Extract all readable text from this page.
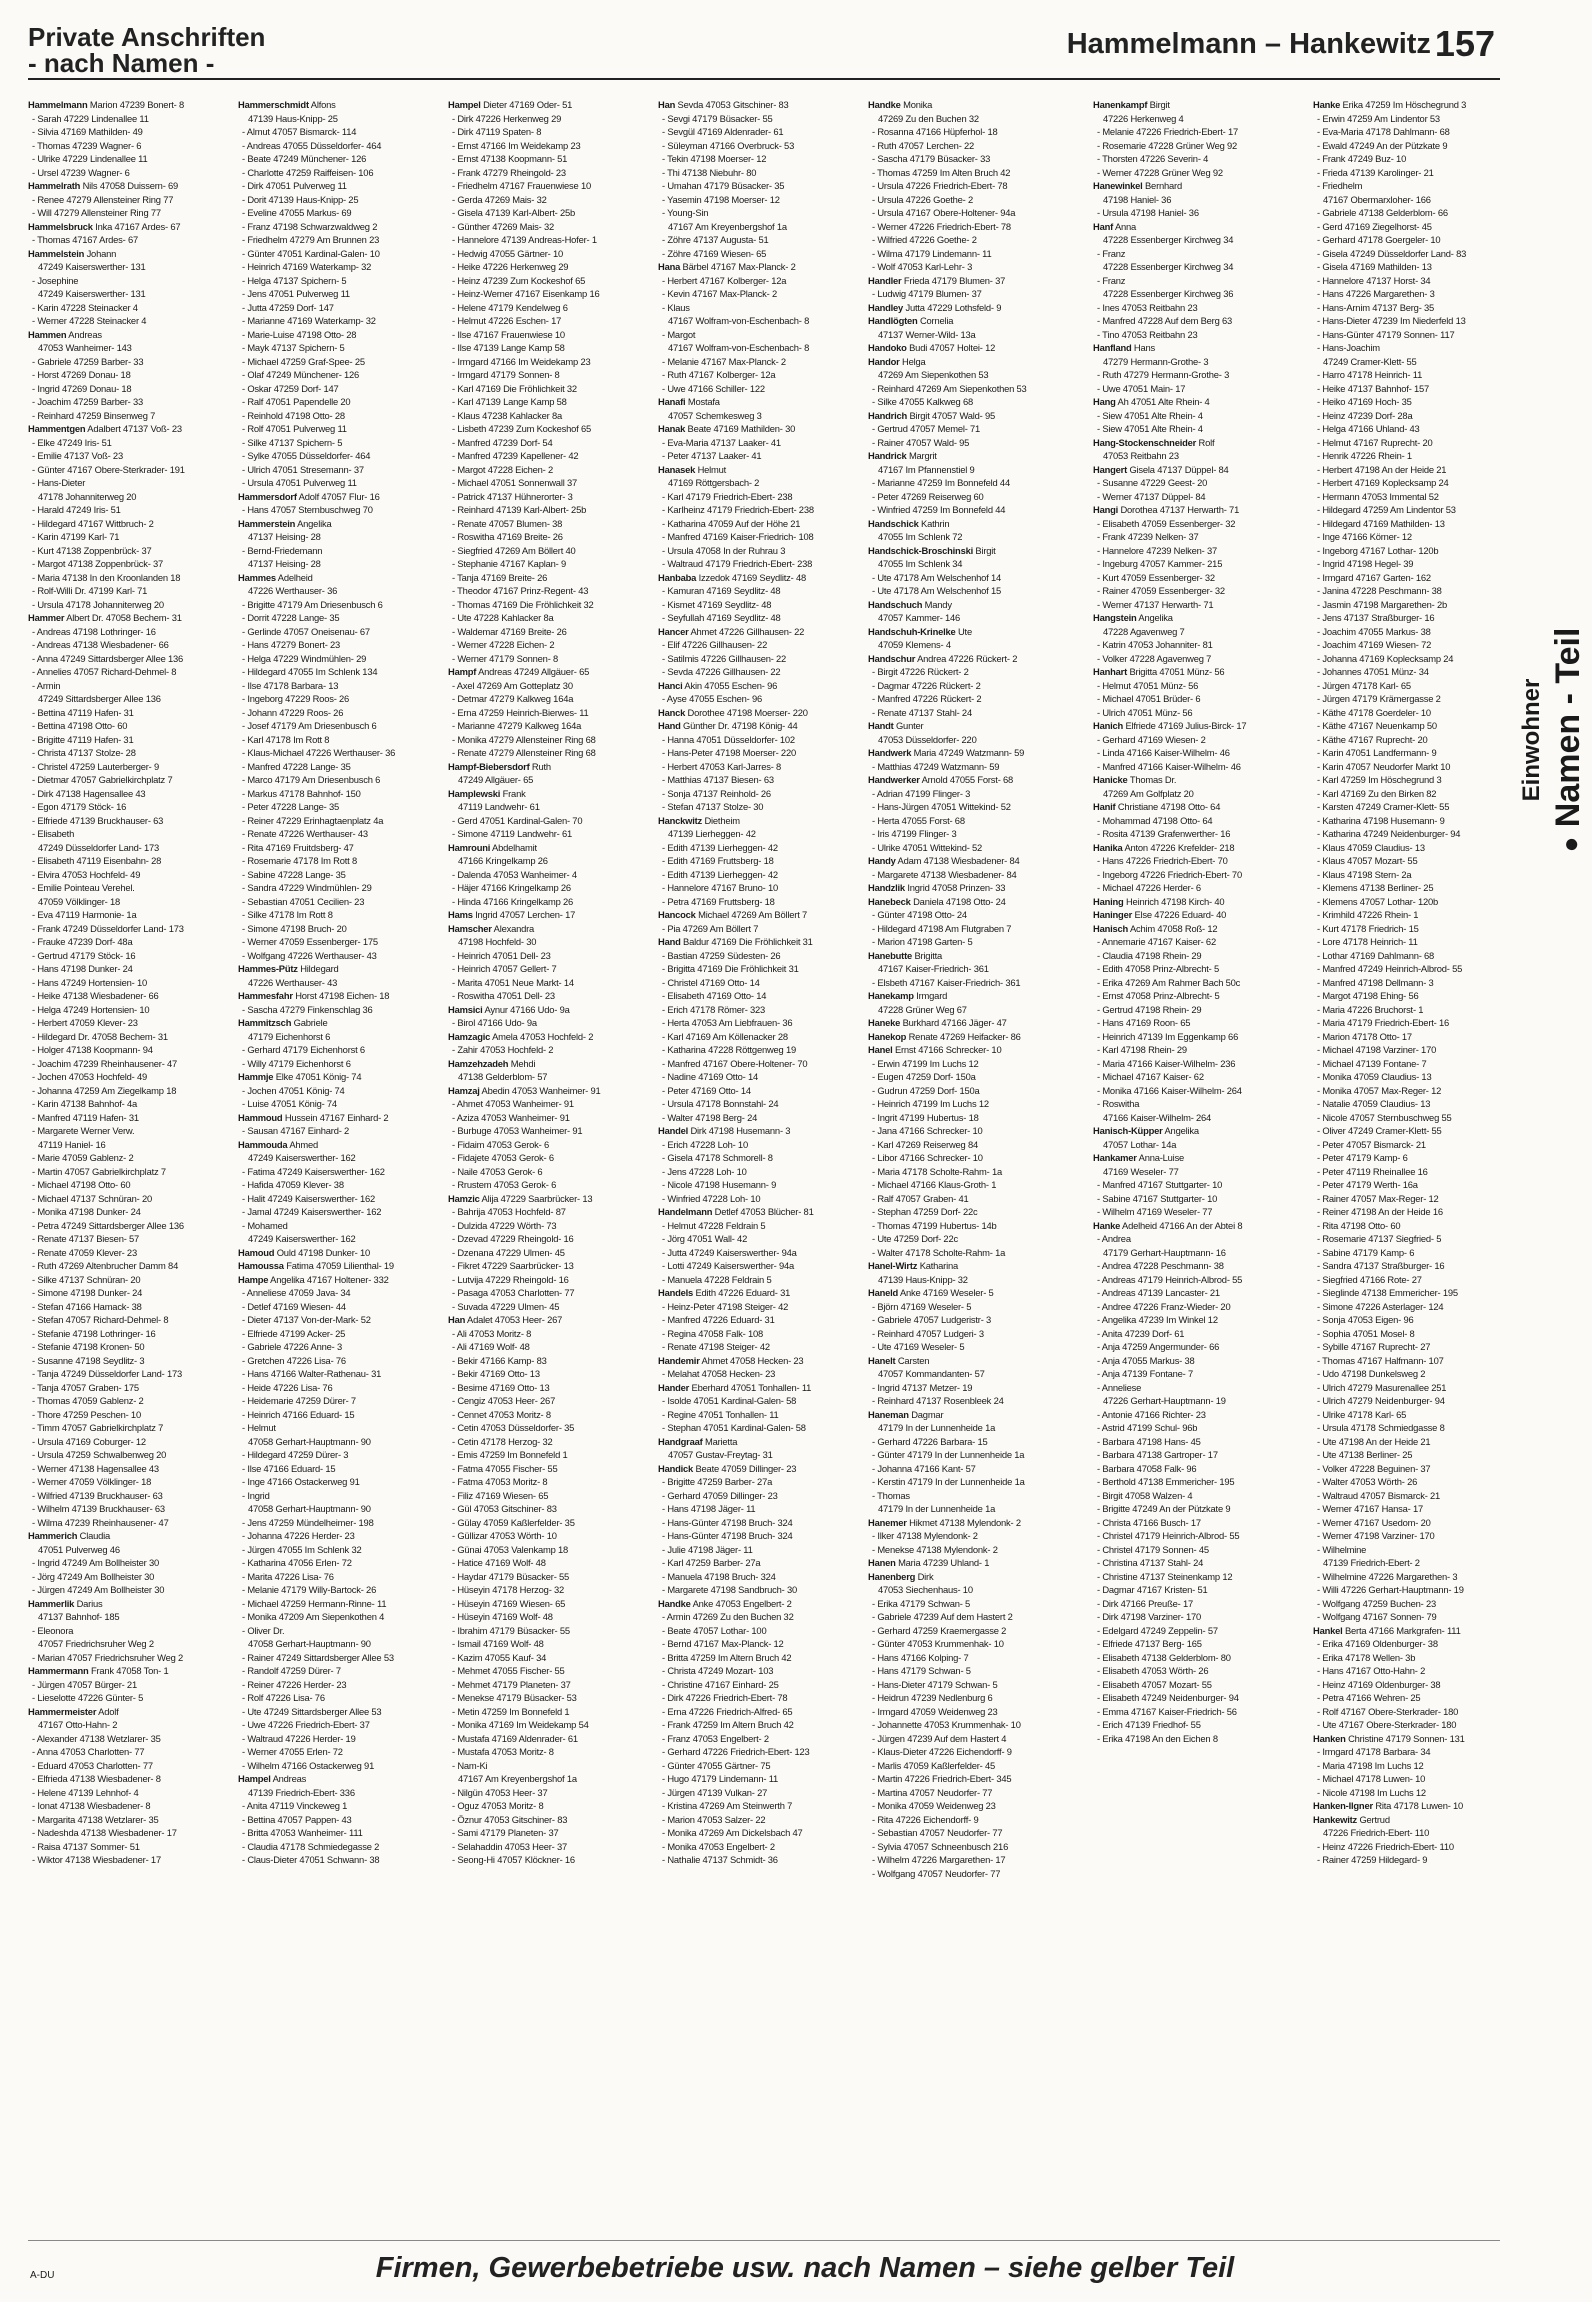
Private Anschriften
- nach Namen -
Hammelmann – Hankewitz 157
Hammelmann Marion 47239 Bonert- 8
- Sarah 47229 Lindenallee 11
- Silvia 47169 Mathilden- 49
- Thomas 47239 Wagner- 6
- Ulrike 47229 Lindenallee 11
- Ursel 47239 Wagner- 6
Hammelrath Nils 47058 Duissern- 69
- Renee 47279 Allensteiner Ring 77
- Will 47279 Allensteiner Ring 77
Hammelsbruck Inka 47167 Ardes- 67
- Thomas 47167 Ardes- 67
Hammelstein Johann
47249 Kaiserswerther- 131
- Josephine
47249 Kaiserswerther- 131
- Karin 47228 Steinacker 4
- Werner 47228 Steinacker 4
Hammen Andreas
47053 Wanheimer- 143
- Gabriele 47259 Barber- 33
- Horst 47269 Donau- 18
- Ingrid 47269 Donau- 18
- Joachim 47259 Barber- 33
- Reinhard 47259 Binsenweg 7
Hammentgen Adalbert 47137 Voß- 23
- Elke 47249 Iris- 51
- Emilie 47137 Voß- 23
- Günter 47167 Obere-Sterkrader- 191
- Hans-Dieter
47178 Johanniterweg 20
- Harald 47249 Iris- 51
- Hildegard 47167 Wittbruch- 2
- Karin 47199 Karl- 71
- Kurt 47138 Zoppenbrück- 37
- Margot 47138 Zoppenbrück- 37
- Maria 47138 In den Kroonlanden 18
- Rolf-Willi Dr. 47199 Karl- 71
- Ursula 47178 Johanniterweg 20
Hammer Albert Dr. 47058 Bechem- 31
- Andreas 47198 Lothringer- 16
- Andreas 47138 Wiesbadener- 66
- Anna 47249 Sittardsberger Allee 136
- Annelies 47057 Richard-Dehmel- 8
- Armin
47249 Sittardsberger Allee 136
- Bettina 47119 Hafen- 31
- Bettina 47198 Otto- 60
- Brigitte 47119 Hafen- 31
- Christa 47137 Stolze- 28
- Christel 47259 Lauterberger- 9
- Dietmar 47057 Gabrielkirchplatz 7
- Dirk 47138 Hagensallee 43
- Egon 47179 Stöck- 16
- Elfriede 47139 Bruckhauser- 63
- Elisabeth
47249 Düsseldorfer Land- 173
- Elisabeth 47119 Eisenbahn- 28
- Elvira 47053 Hochfeld- 49
- Emilie Pointeau Verehel.
47059 Völklinger- 18
- Eva 47119 Harmonie- 1a
- Frank 47249 Düsseldorfer Land- 173
- Frauke 47239 Dorf- 48a
- Gertrud 47179 Stöck- 16
- Hans 47198 Dunker- 24
- Hans 47249 Hortensien- 10
- Heike 47138 Wiesbadener- 66
- Helga 47249 Hortensien- 10
- Herbert 47059 Klever- 23
- Hildegard Dr. 47058 Bechem- 31
- Holger 47138 Koopmann- 94
- Joachim 47239 Rheinhausener- 47
- Jochen 47053 Hochfeld- 49
- Johanna 47259 Am Ziegelkamp 18
- Karin 47138 Bahnhof- 4a
- Manfred 47119 Hafen- 31
- Margarete Werner Verw.
47119 Haniel- 16
- Marie 47059 Gablenz- 2
- Martin 47057 Gabrielkirchplatz 7
- Michael 47198 Otto- 60
- Michael 47137 Schnüran- 20
- Monika 47198 Dunker- 24
- Petra 47249 Sittardsberger Allee 136
- Renate 47137 Biesen- 57
- Renate 47059 Klever- 23
- Ruth 47269 Altenbrucher Damm 84
- Silke 47137 Schnüran- 20
- Simone 47198 Dunker- 24
- Stefan 47166 Hamack- 38
- Stefan 47057 Richard-Dehmel- 8
- Stefanie 47198 Lothringer- 16
- Stefanie 47198 Kronen- 50
- Susanne 47198 Seydlitz- 3
- Tanja 47249 Düsseldorfer Land- 173
- Tanja 47057 Graben- 175
- Thomas 47059 Gablenz- 2
- Thore 47259 Peschen- 10
- Timm 47057 Gabrielkirchplatz 7
- Ursula 47169 Coburger- 12
- Ursula 47259 Schwalbenweg 20
- Werner 47138 Hagensallee 43
- Werner 47059 Völklinger- 18
- Wilfried 47139 Bruckhauser- 63
- Wilhelm 47139 Bruckhauser- 63
- Wilma 47239 Rheinhausener- 47
Hammerich Claudia
47051 Pulverweg 46
- Ingrid 47249 Am Bollheister 30
- Jörg 47249 Am Bollheister 30
- Jürgen 47249 Am Bollheister 30
Hammerlik Darius
47137 Bahnhof- 185
- Eleonora
47057 Friedrichsruher Weg 2
- Marian 47057 Friedrichsruher Weg 2
Hammermann Frank 47058 Ton- 1
- Jürgen 47057 Bürger- 21
- Lieselotte 47226 Günter- 5
Hammermeister Adolf
47167 Otto-Hahn- 2
- Alexander 47138 Wetzlarer- 35
- Anna 47053 Charlotten- 77
- Eduard 47053 Charlotten- 77
- Elfrieda 47138 Wiesbadener- 8
- Helene 47139 Lehnhof- 4
- Ionat 47138 Wiesbadener- 8
- Margarita 47138 Wetzlarer- 35
- Nadeshda 47138 Wiesbadener- 17
- Raisa 47137 Sommer- 51
- Wiktor 47138 Wiesbadener- 17
Hammerschmidt Alfons
47139 Haus-Knipp- 25
- Almut 47057 Bismarck- 114
- Andreas 47055 Düsseldorfer- 464
- Beate 47249 Münchener- 126
- Charlotte 47259 Raiffeisen- 106
- Dirk 47051 Pulverweg 11
- Dorit 47139 Haus-Knipp- 25
- Eveline 47055 Markus- 69
- Franz 47198 Schwarzwaldweg 2
- Friedhelm 47279 Am Brunnen 23
- Günter 47051 Kardinal-Galen- 10
- Heinrich 47169 Waterkamp- 32
- Helga 47137 Spichern- 5
- Jens 47051 Pulverweg 11
- Jutta 47259 Dorf- 147
- Marianne 47169 Waterkamp- 32
- Marie-Luise 47198 Otto- 28
- Mayk 47137 Spichern- 5
- Michael 47259 Graf-Spee- 25
- Olaf 47249 Münchener- 126
- Oskar 47259 Dorf- 147
- Ralf 47051 Papendelle 20
- Reinhold 47198 Otto- 28
- Rolf 47051 Pulverweg 11
- Silke 47137 Spichern- 5
- Sylke 47055 Düsseldorfer- 464
- Ulrich 47051 Stresemann- 37
- Ursula 47051 Pulverweg 11
Hammersdorf Adolf 47057 Flur- 16
- Hans 47057 Sternbuschweg 70
Hammerstein Angelika
47137 Heising- 28
- Bernd-Friedemann
47137 Heising- 28
Hammes Adelheid
47226 Werthauser- 36
- Brigitte 47179 Am Driesenbusch 6
- Dorrit 47228 Lange- 35
- Gerlinde 47057 Oneisenau- 67
- Hans 47279 Bonert- 23
- Helga 47229 Windmühlen- 29
- Hildegard 47055 Im Schlenk 134
- Ilse 47178 Barbara- 13
- Ingeborg 47229 Roos- 26
- Johann 47229 Roos- 26
- Josef 47179 Am Driesenbusch 6
- Karl 47178 Im Rott 8
- Klaus-Michael 47226 Werthauser- 36
- Manfred 47228 Lange- 35
- Marco 47179 Am Driesenbusch 6
- Markus 47178 Bahnhof- 150
- Peter 47228 Lange- 35
- Reiner 47229 Erinhagtaenplatz 4a
- Renate 47226 Werthauser- 43
- Rita 47169 Fruitdsberg- 47
- Rosemarie 47178 Im Rott 8
- Sabine 47228 Lange- 35
- Sandra 47229 Windmühlen- 29
- Sebastian 47051 Cecilien- 23
- Silke 47178 Im Rott 8
- Simone 47198 Bruch- 20
- Werner 47059 Essenberger- 175
- Wolfgang 47226 Werthauser- 43
Hammes-Pütz Hildegard
47226 Werthauser- 43
Hammesfahr Horst 47198 Eichen- 18
- Sascha 47279 Finkenschlag 36
Hammitzsch Gabriele
47179 Eichenhorst 6
- Gerhard 47179 Eichenhorst 6
- Willy 47179 Eichenhorst 6
Hammje Elke 47051 König- 74
- Jochen 47051 König- 74
- Luise 47051 König- 74
Hammoud Hussein 47167 Einhard- 2
- Sausan 47167 Einhard- 2
Hammouda Ahmed
47249 Kaiserswerther- 162
- Fatima 47249 Kaiserswerther- 162
- Hafida 47059 Klever- 38
- Halit 47249 Kaiserswerther- 162
- Jamal 47249 Kaiserswerther- 162
- Mohamed
47249 Kaiserswerther- 162
Hamoud Ould 47198 Dunker- 10
Hamoussa Fatima 47059 Lilienthal- 19
Hampe Angelika 47167 Holtener- 332
- Anneliese 47059 Java- 34
- Detlef 47169 Wiesen- 44
- Dieter 47137 Von-der-Mark- 52
- Elfriede 47199 Acker- 25
- Gabriele 47226 Anne- 3
- Gretchen 47226 Lisa- 76
- Hans 47166 Walter-Rathenau- 31
- Heide 47226 Lisa- 76
- Heidemarie 47259 Dürer- 7
- Heinrich 47166 Eduard- 15
- Helmut
47058 Gerhart-Hauptmann- 90
- Hildegard 47259 Dürer- 3
- Ilse 47166 Eduard- 15
- Inge 47166 Ostackerweg 91
- Ingrid
47058 Gerhart-Hauptmann- 90
- Jens 47259 Mündelheimer- 198
- Johanna 47226 Herder- 23
- Jürgen 47055 Im Schlenk 32
- Katharina 47056 Erlen- 72
- Marita 47226 Lisa- 76
- Melanie 47179 Willy-Bartock- 26
- Michael 47259 Hermann-Rinne- 11
- Monika 47209 Am Siepenkothen 4
- Oliver Dr.
47058 Gerhart-Hauptmann- 90
- Rainer 47249 Sittardsberger Allee 53
- Randolf 47259 Dürer- 7
- Reiner 47226 Herder- 23
- Rolf 47226 Lisa- 76
- Ute 47249 Sittardsberger Allee 53
- Uwe 47226 Friedrich-Ebert- 37
- Waltraud 47226 Herder- 19
- Werner 47055 Erlen- 72
- Wilhelm 47166 Ostackerweg 91
Hampel Andreas
47139 Friedrich-Ebert- 336
- Anita 47119 Vinckeweg 1
- Bettina 47057 Pappen- 43
- Britta 47053 Wanheimer- 111
- Claudia 47178 Schmiedegasse 2
- Claus-Dieter 47051 Schwann- 38
Hampel Dieter 47169 Oder- 51
- Dirk 47226 Herkenweg 29
- Dirk 47119 Spaten- 8
- Ernst 47166 Im Weidekamp 23
- Ernst 47138 Koopmann- 51
- Frank 47279 Rheingold- 23
- Friedhelm 47167 Frauenwiese 10
- Gerda 47269 Mais- 32
- Gisela 47139 Karl-Albert- 25b
- Günther 47269 Mais- 32
- Hannelore 47139 Andreas-Hofer- 1
- Hedwig 47055 Gärtner- 10
- Heike 47226 Herkenweg 29
- Heinz 47239 Zum Kockeshof 65
- Heinz-Werner 47167 Eisenkamp 16
- Helene 47179 Kendelweg 6
- Helmut 47226 Eschen- 17
- Ilse 47167 Frauenwiese 10
- Ilse 47139 Lange Kamp 58
- Irmgard 47166 Im Weidekamp 23
- Irmgard 47179 Sonnen- 8
- Karl 47169 Die Fröhlichkeit 32
- Karl 47139 Lange Kamp 58
- Klaus 47238 Kahlacker 8a
- Lisbeth 47239 Zum Kockeshof 65
- Manfred 47239 Dorf- 54
- Manfred 47239 Kapellener- 42
- Margot 47228 Eichen- 2
- Michael 47051 Sonnenwall 37
- Patrick 47137 Hühnerorter- 3
- Reinhard 47139 Karl-Albert- 25b
- Renate 47057 Blumen- 38
- Roswitha 47169 Breite- 26
- Siegfried 47269 Am Böllert 40
- Stephanie 47167 Kaplan- 9
- Tanja 47169 Breite- 26
- Theodor 47167 Prinz-Regent- 43
- Thomas 47169 Die Fröhlichkeit 32
- Ute 47228 Kahlacker 8a
- Waldemar 47169 Breite- 26
- Werner 47228 Eichen- 2
- Werner 47179 Sonnen- 8
Hampf Andreas 47249 Allgäuer- 65
- Axel 47269 Am Gotteplatz 30
- Detmar 47279 Kalkweg 164a
- Erna 47259 Heinrich-Bierwes- 11
- Marianne 47279 Kalkweg 164a
- Monika 47279 Allensteiner Ring 68
- Renate 47279 Allensteiner Ring 68
Hampf-Biebersdorf Ruth
47249 Allgäuer- 65
Hamplewski Frank
47119 Landwehr- 61
- Gerd 47051 Kardinal-Galen- 70
- Simone 47119 Landwehr- 61
Hamrouni Abdelhamit
47166 Kringelkamp 26
- Dalenda 47053 Wanheimer- 4
- Häjer 47166 Kringelkamp 26
- Hinda 47166 Kringelkamp 26
Hams Ingrid 47057 Lerchen- 17
Hamscher Alexandra
47198 Hochfeld- 30
- Heinrich 47051 Dell- 23
- Heinrich 47057 Gellert- 7
- Marita 47051 Neue Markt- 14
- Roswitha 47051 Dell- 23
Hamsici Aynur 47166 Udo- 9a
- Birol 47166 Udo- 9a
Hamzagic Amela 47053 Hochfeld- 2
- Zahir 47053 Hochfeld- 2
Hamzehzadeh Mehdi
47138 Gelderblom- 57
Hamzaj Abedin 47053 Wanheimer- 91
- Ahmet 47053 Wanheimer- 91
- Aziza 47053 Wanheimer- 91
- Burbuge 47053 Wanheimer- 91
- Fidaim 47053 Gerok- 6
- Fidajete 47053 Gerok- 6
- Naile 47053 Gerok- 6
- Rrustem 47053 Gerok- 6
Hamzic Alija 47229 Saarbrücker- 13
- Bahrija 47053 Hochfeld- 87
- Dulzida 47229 Wörth- 73
- Dzevad 47229 Rheingold- 16
- Dzenana 47229 Ulmen- 45
- Fikret 47229 Saarbrücker- 13
- Lutvija 47229 Rheingold- 16
- Pasaga 47053 Charlotten- 77
- Suvada 47229 Ulmen- 45
Han Adalet 47053 Heer- 267
- Ali 47053 Moritz- 8
- Ali 47169 Wolf- 48
- Bekir 47166 Kamp- 83
- Bekir 47169 Otto- 13
- Besime 47169 Otto- 13
- Cengiz 47053 Heer- 267
- Cennet 47053 Moritz- 8
- Cetin 47053 Düsseldorfer- 35
- Cetin 47178 Herzog- 32
- Emis 47259 Im Bonnefeld 1
- Fatma 47055 Fischer- 55
- Fatma 47053 Moritz- 8
- Filiz 47169 Wiesen- 65
- Gül 47053 Gitschiner- 83
- Gülay 47059 Kaßlerfelder- 35
- Güllizar 47053 Wörth- 10
- Günai 47053 Valenkamp 18
- Hatice 47169 Wolf- 48
- Haydar 47179 Büsacker- 55
- Hüseyin 47178 Herzog- 32
- Hüseyin 47169 Wiesen- 65
- Hüseyin 47169 Wolf- 48
- Ibrahim 47179 Büsacker- 55
- Ismail 47169 Wolf- 48
- Kazim 47055 Kauf- 34
- Mehmet 47055 Fischer- 55
- Mehmet 47179 Planeten- 37
- Menekse 47179 Büsacker- 53
- Metin 47259 Im Bonnefeld 1
- Monika 47169 Im Weidekamp 54
- Mustafa 47169 Aldenrader- 61
- Mustafa 47053 Moritz- 8
- Nam-Ki
47167 Am Kreyenbergshof 1a
- Nilgün 47053 Heer- 37
- Oguz 47053 Moritz- 8
- Öznur 47053 Gitschiner- 83
- Sami 47179 Planeten- 37
- Selahaddin 47053 Heer- 37
- Seong-Hi 47057 Klöckner- 16
Han Sevda 47053 Gitschiner- 83
- Sevgi 47179 Büsacker- 55
- Sevgül 47169 Aldenrader- 61
- Süleyman 47166 Overbruck- 53
- Tekin 47198 Moerser- 12
- Thi 47138 Niebuhr- 80
- Umahan 47179 Büsacker- 35
- Yasemin 47198 Moerser- 12
- Young-Sin
47167 Am Kreyenbergshof 1a
- Zöhre 47137 Augusta- 51
- Zöhre 47169 Wiesen- 65
Hana Bärbel 47167 Max-Planck- 2
- Herbert 47167 Kolberger- 12a
- Kevin 47167 Max-Planck- 2
- Klaus
47167 Wolfram-von-Eschenbach- 8
- Margot
47167 Wolfram-von-Eschenbach- 8
- Melanie 47167 Max-Planck- 2
- Ruth 47167 Kolberger- 12a
- Uwe 47166 Schiller- 122
Hanafi Mostafa
47057 Schemkesweg 3
Hanak Beate 47169 Mathilden- 30
- Eva-Maria 47137 Laaker- 41
- Peter 47137 Laaker- 41
Hanasek Helmut
47169 Röttgersbach- 2
- Karl 47179 Friedrich-Ebert- 238
- Karlheinz 47179 Friedrich-Ebert- 238
- Katharina 47059 Auf der Höhe 21
- Manfred 47169 Kaiser-Friedrich- 108
- Ursula 47058 In der Ruhrau 3
- Waltraud 47179 Friedrich-Ebert- 238
Hanbaba Izzedok 47169 Seydlitz- 48
- Kamuran 47169 Seydlitz- 48
- Kismet 47169 Seydlitz- 48
- Seyfullah 47169 Seydlitz- 48
Hancer Ahmet 47226 Gillhausen- 22
- Elif 47226 Gillhausen- 22
- Satilmis 47226 Gillhausen- 22
- Sevda 47226 Gillhausen- 22
Hanci Akin 47055 Eschen- 96
- Ayse 47055 Eschen- 96
Hanck Dorothee 47198 Moerser- 220
Hand Günther Dr. 47198 König- 44
- Hanna 47051 Düsseldorfer- 102
- Hans-Peter 47198 Moerser- 220
- Herbert 47053 Karl-Jarres- 8
- Matthias 47137 Biesen- 63
- Sonja 47137 Reinhold- 26
- Stefan 47137 Stolze- 30
Hanckwitz Dietheim
47139 Lierheggen- 42
- Edith 47139 Lierheggen- 42
- Edith 47169 Fruttsberg- 18
- Edith 47139 Lierheggen- 42
- Hannelore 47167 Bruno- 10
- Petra 47169 Fruttsberg- 18
Hancock Michael 47269 Am Böllert 7
- Pia 47269 Am Böllert 7
Hand Baldur 47169 Die Fröhlichkeit 31
- Bastian 47259 Südesten- 26
- Brigitta 47169 Die Fröhlichkeit 31
- Christel 47169 Otto- 14
- Elisabeth 47169 Otto- 14
- Erich 47178 Römer- 323
- Herta 47053 Am Liebfrauen- 36
- Karl 47169 Am Köllenacker 28
- Katharina 47228 Röttgenweg 19
- Manfred 47167 Obere-Holtener- 70
- Nadine 47169 Otto- 14
- Peter 47169 Otto- 14
- Ursula 47178 Bonnstahl- 24
- Walter 47198 Berg- 24
Handel Dirk 47198 Husemann- 3
- Erich 47228 Loh- 10
- Gisela 47178 Schmorell- 8
- Jens 47228 Loh- 10
- Nicole 47198 Husemann- 9
- Winfried 47228 Loh- 10
Handelmann Detlef 47053 Blücher- 81
- Helmut 47228 Feldrain 5
- Jörg 47051 Wall- 42
- Jutta 47249 Kaiserswerther- 94a
- Lotti 47249 Kaiserswerther- 94a
- Manuela 47228 Feldrain 5
Handels Edith 47226 Eduard- 31
- Heinz-Peter 47198 Steiger- 42
- Manfred 47226 Eduard- 31
- Regina 47058 Falk- 108
- Renate 47198 Steiger- 42
Handemir Ahmet 47058 Hecken- 23
- Melahat 47058 Hecken- 23
Hander Eberhard 47051 Tonhallen- 11
- Isolde 47051 Kardinal-Galen- 58
- Regine 47051 Tonhallen- 11
- Stephan 47051 Kardinal-Galen- 58
Handgraaf Marietta
47057 Gustav-Freytag- 31
Handick Beate 47059 Dillinger- 23
- Brigitte 47259 Barber- 27a
- Gerhard 47059 Dillinger- 23
- Hans 47198 Jäger- 11
- Hans-Günter 47198 Bruch- 324
- Hans-Günter 47198 Bruch- 324
- Julie 47198 Jäger- 11
- Karl 47259 Barber- 27a
- Manuela 47198 Bruch- 324
- Margarete 47198 Sandbruch- 30
Handke Anke 47053 Engelbert- 2
- Armin 47269 Zu den Buchen 32
- Beate 47057 Lothar- 100
- Bernd 47167 Max-Planck- 12
- Britta 47259 Im Altern Bruch 42
- Christa 47249 Mozart- 103
- Christine 47167 Einhard- 25
- Dirk 47226 Friedrich-Ebert- 78
- Erna 47226 Friedrich-Alfred- 65
- Frank 47259 Im Altern Bruch 42
- Franz 47053 Engelbert- 2
- Gerhard 47226 Friedrich-Ebert- 123
- Günter 47055 Gärtner- 75
- Hugo 47179 Lindemann- 11
- Jürgen 47139 Vulkan- 27
- Kristina 47269 Am Steinwerth 7
- Marion 47053 Salzer- 22
- Monika 47269 Am Dickelsbach 47
- Monika 47053 Engelbert- 2
- Nathalie 47137 Schmidt- 36
Handke Monika
47269 Zu den Buchen 32
- Rosanna 47166 Hüpferhol- 18
- Ruth 47057 Lerchen- 22
- Sascha 47179 Büsacker- 33
- Thomas 47259 Im Alten Bruch 42
- Ursula 47226 Friedrich-Ebert- 78
- Ursula 47226 Goethe- 2
- Ursula 47167 Obere-Holtener- 94a
- Werner 47226 Friedrich-Ebert- 78
- Wilfried 47226 Goethe- 2
- Wilma 47179 Lindemann- 11
- Wolf 47053 Karl-Lehr- 3
Handler Frieda 47179 Blumen- 37
- Ludwig 47179 Blumen- 37
Handley Jutta 47229 Lothsfeld- 9
Handlögten Cornelia
47137 Werner-Wild- 13a
Handoko Budi 47057 Holtei- 12
Handor Helga
47269 Am Siepenkothen 53
- Reinhard 47269 Am Siepenkothen 53
- Silke 47055 Kalkweg 68
Handrich Birgit 47057 Wald- 95
- Gertrud 47057 Memel- 71
- Rainer 47057 Wald- 95
Handrick Margrit
47167 Im Pfannenstiel 9
- Marianne 47259 Im Bonnefeld 44
- Peter 47269 Reiserweg 60
- Winfried 47259 Im Bonnefeld 44
Handschick Kathrin
47055 Im Schlenk 72
Handschick-Broschinski Birgit
47055 Im Schlenk 34
- Ute 47178 Am Welschenhof 14
- Ute 47178 Am Welschenhof 15
Handschuch Mandy
47057 Kammer- 146
Handschuh-Krinelke Ute
47059 Klemens- 4
Handschur Andrea 47226 Rückert- 2
- Birgit 47226 Rückert- 2
- Dagmar 47226 Rückert- 2
- Manfred 47226 Rückert- 2
- Renate 47137 Stahl- 24
Handt Gunter
47053 Düsseldorfer- 220
Handwerk Maria 47249 Watzmann- 59
- Matthias 47249 Watzmann- 59
Handwerker Arnold 47055 Forst- 68
- Adrian 47199 Flinger- 3
- Hans-Jürgen 47051 Wittekind- 52
- Herta 47055 Forst- 68
- Iris 47199 Flinger- 3
- Ulrike 47051 Wittekind- 52
Handy Adam 47138 Wiesbadener- 84
- Margarete 47138 Wiesbadener- 84
Handzlik Ingrid 47058 Prinzen- 33
Hanebeck Daniela 47198 Otto- 24
- Günter 47198 Otto- 24
- Hildegard 47198 Am Flutgraben 7
- Marion 47198 Garten- 5
Hanebutte Brigitta
47167 Kaiser-Friedrich- 361
- Elsbeth 47167 Kaiser-Friedrich- 361
Hanekamp Irmgard
47228 Grüner Weg 67
Haneke Burkhard 47166 Jäger- 47
Hanekop Renate 47269 Heifacker- 86
Hanel Ernst 47166 Schrecker- 10
- Erwin 47199 Im Luchs 12
- Eugen 47259 Dorf- 150a
- Gudrun 47259 Dorf- 150a
- Heinrich 47199 Im Luchs 12
- Ingrit 47199 Hubertus- 18
- Jana 47166 Schrecker- 10
- Karl 47269 Reiserweg 84
- Libor 47166 Schrecker- 10
- Maria 47178 Scholte-Rahm- 1a
- Michael 47166 Klaus-Groth- 1
- Ralf 47057 Graben- 41
- Stephan 47259 Dorf- 22c
- Thomas 47199 Hubertus- 14b
- Ute 47259 Dorf- 22c
- Walter 47178 Scholte-Rahm- 1a
Hanel-Wirtz Katharina
47139 Haus-Knipp- 32
Haneld Anke 47169 Weseler- 5
- Björn 47169 Weseler- 5
- Gabriele 47057 Ludgeristr- 3
- Reinhard 47057 Ludgeri- 3
- Ute 47169 Weseler- 5
Hanelt Carsten
47057 Kommandanten- 57
- Ingrid 47137 Metzer- 19
- Reinhard 47137 Rosenbleek 24
Haneman Dagmar
47179 In der Lunnenheide 1a
- Gerhard 47226 Barbara- 15
- Günter 47179 In der Lunnenheide 1a
- Johanna 47166 Kant- 57
- Kerstin 47179 In der Lunnenheide 1a
- Thomas
47179 In der Lunnenheide 1a
Hanemer Hikmet 47138 Mylendonk- 2
- Ilker 47138 Mylendonk- 2
- Menekse 47138 Mylendonk- 2
Hanen Maria 47239 Uhland- 1
Hanenberg Dirk
47053 Siechenhaus- 10
- Erika 47179 Schwan- 5
- Gabriele 47239 Auf dem Hastert 2
- Gerhard 47259 Kraemergasse 2
- Günter 47053 Krummenhak- 10
- Hans 47166 Kolping- 7
- Hans 47179 Schwan- 5
- Hans-Dieter 47179 Schwan- 5
- Heidrun 47239 Nedlenburg 6
- Irmgard 47059 Weidenweg 23
- Johannette 47053 Krummenhak- 10
- Jürgen 47239 Auf dem Hastert 4
- Klaus-Dieter 47226 Eichendorff- 9
- Marlis 47059 Kaßlerfelder- 45
- Martin 47226 Friedrich-Ebert- 345
- Martina 47057 Neudorfer- 77
- Monika 47059 Weidenweg 23
- Rita 47226 Eichendorff- 9
- Sebastian 47057 Neudorfer- 77
- Sylvia 47057 Schneenbusch 216
- Wilhelm 47226 Margarethen- 17
- Wolfgang 47057 Neudorfer- 77
Hanenkampf Birgit
47226 Herkenweg 4
- Melanie 47226 Friedrich-Ebert- 17
- Rosemarie 47228 Grüner Weg 92
- Thorsten 47226 Severin- 4
- Werner 47228 Grüner Weg 92
Hanewinkel Bernhard
47198 Haniel- 36
- Ursula 47198 Haniel- 36
Hanf Anna
47228 Essenberger Kirchweg 34
- Franz
47228 Essenberger Kirchweg 34
- Franz
47228 Essenberger Kirchweg 36
- Ines 47053 Reitbahn 23
- Manfred 47228 Auf dem Berg 63
- Tino 47053 Reitbahn 23
Hanfland Hans
47279 Hermann-Grothe- 3
- Ruth 47279 Hermann-Grothe- 3
- Uwe 47051 Main- 17
Hang Ah 47051 Alte Rhein- 4
- Siew 47051 Alte Rhein- 4
- Siew 47051 Alte Rhein- 4
Hang-Stockenschneider Rolf
47053 Reitbahn 23
Hangert Gisela 47137 Düppel- 84
- Susanne 47229 Geest- 20
- Werner 47137 Düppel- 84
Hangi Dorothea 47137 Herwarth- 71
- Elisabeth 47059 Essenberger- 32
- Frank 47239 Nelken- 37
- Hannelore 47239 Nelken- 37
- Ingeburg 47057 Kammer- 215
- Kurt 47059 Essenberger- 32
- Rainer 47059 Essenberger- 32
- Werner 47137 Herwarth- 71
Hangstein Angelika
47228 Agavenweg 7
- Katrin 47053 Johanniter- 81
- Volker 47228 Agavenweg 7
Hanhart Brigitta 47051 Münz- 56
- Helmut 47051 Münz- 56
- Michael 47051 Brüder- 6
- Ulrich 47051 Münz- 56
Hanich Elfriede 47169 Julius-Birck- 17
- Gerhard 47169 Wiesen- 2
- Linda 47166 Kaiser-Wilhelm- 46
- Manfred 47166 Kaiser-Wilhelm- 46
Hanicke Thomas Dr.
47269 Am Golfplatz 20
Hanif Christiane 47198 Otto- 64
- Mohammad 47198 Otto- 64
- Rosita 47139 Grafenwerther- 16
Hanika Anton 47226 Krefelder- 218
- Hans 47226 Friedrich-Ebert- 70
- Ingeborg 47226 Friedrich-Ebert- 70
- Michael 47226 Herder- 6
Haning Heinrich 47198 Kirch- 40
Haninger Else 47226 Eduard- 40
Hanisch Achim 47058 Roß- 12
- Annemarie 47167 Kaiser- 62
- Claudia 47198 Rhein- 29
- Edith 47058 Prinz-Albrecht- 5
- Erika 47269 Am Rahmer Bach 50c
- Ernst 47058 Prinz-Albrecht- 5
- Gertrud 47198 Rhein- 29
- Hans 47169 Roon- 65
- Heinrich 47139 Im Eggenkamp 66
- Karl 47198 Rhein- 29
- Maria 47166 Kaiser-Wilhelm- 236
- Michael 47167 Kaiser- 62
- Monika 47166 Kaiser-Wilhelm- 264
- Roswitha
47166 Kaiser-Wilhelm- 264
Hanisch-Küpper Angelika
47057 Lothar- 14a
Hankamer Anna-Luise
47169 Weseler- 77
- Manfred 47167 Stuttgarter- 10
- Sabine 47167 Stuttgarter- 10
- Wilhelm 47169 Weseler- 77
Hanke Adelheid 47166 An der Abtei 8
- Andrea
47179 Gerhart-Hauptmann- 16
- Andrea 47228 Peschmann- 38
- Andreas 47179 Heinrich-Albrod- 55
- Andreas 47139 Lancaster- 21
- Andree 47226 Franz-Wieder- 20
- Angelika 47239 Im Winkel 12
- Anita 47239 Dorf- 61
- Anja 47259 Angermunder- 66
- Anja 47055 Markus- 38
- Anja 47139 Fontane- 7
- Anneliese
47226 Gerhart-Hauptmann- 19
- Antonie 47166 Richter- 23
- Astrid 47199 Schul- 96b
- Barbara 47198 Hans- 45
- Barbara 47138 Gartroper- 17
- Barbara 47058 Falk- 96
- Berthold 47138 Emmericher- 195
- Birgit 47058 Walzen- 4
- Brigitte 47249 An der Pützkate 9
- Christa 47166 Busch- 17
- Christel 47179 Heinrich-Albrod- 55
- Christel 47179 Sonnen- 45
- Christina 47137 Stahl- 24
- Christine 47137 Steinenkamp 12
- Dagmar 47167 Kristen- 51
- Dirk 47166 Preuße- 17
- Dirk 47198 Varziner- 170
- Edelgard 47249 Zeppelin- 57
- Elfriede 47137 Berg- 165
- Elisabeth 47138 Gelderblom- 80
- Elisabeth 47053 Wörth- 26
- Elisabeth 47057 Mozart- 55
- Elisabeth 47249 Neidenburger- 94
- Emma 47167 Kaiser-Friedrich- 56
- Erich 47139 Friedhof- 55
- Erika 47198 An den Eichen 8
Hanke Erika 47259 Im Höschegrund 3
- Erwin 47259 Am Lindentor 53
- Eva-Maria 47178 Dahlmann- 68
- Ewald 47249 An der Pützkate 9
- Frank 47249 Buz- 10
- Frieda 47139 Karolinger- 21
- Friedhelm
47167 Obermarxloher- 166
- Gabriele 47138 Gelderblom- 66
- Gerd 47169 Ziegelhorst- 45
- Gerhard 47178 Goergeler- 10
- Gisela 47249 Düsseldorfer Land- 83
- Gisela 47169 Mathilden- 13
- Hannelore 47137 Horst- 34
- Hans 47226 Margarethen- 3
- Hans-Arnim 47137 Berg- 35
- Hans-Dieter 47239 Im Niederfeld 13
- Hans-Günter 47179 Sonnen- 117
- Hans-Joachim
47249 Cramer-Klett- 55
- Harro 47178 Heinrich- 11
- Heike 47137 Bahnhof- 157
- Heiko 47169 Hoch- 35
- Heinz 47239 Dorf- 28a
- Helga 47166 Uhland- 43
- Helmut 47167 Ruprecht- 20
- Henrik 47226 Rhein- 1
- Herbert 47198 An der Heide 21
- Herbert 47169 Koplecksamp 24
- Hermann 47053 Immental 52
- Hildegard 47259 Am Lindentor 53
- Hildegard 47169 Mathilden- 13
- Inge 47166 Körner- 12
- Ingeborg 47167 Lothar- 120b
- Ingrid 47198 Hegel- 39
- Irmgard 47167 Garten- 162
- Janina 47228 Peschmann- 38
- Jasmin 47198 Margarethen- 2b
- Jens 47137 Straßburger- 16
- Joachim 47055 Markus- 38
- Joachim 47169 Wiesen- 72
- Johanna 47169 Koplecksamp 24
- Johannes 47051 Münz- 34
- Jürgen 47178 Karl- 65
- Jürgen 47179 Krämergasse 2
- Käthe 47178 Goerdeler- 10
- Käthe 47167 Neuenkamp 50
- Käthe 47167 Ruprecht- 20
- Karin 47051 Landfermann- 9
- Karin 47057 Neudorfer Markt 10
- Karl 47259 Im Höschegrund 3
- Karl 47169 Zu den Birken 82
- Karsten 47249 Cramer-Klett- 55
- Katharina 47198 Husemann- 9
- Katharina 47249 Neidenburger- 94
- Klaus 47059 Claudius- 13
- Klaus 47057 Mozart- 55
- Klaus 47198 Stern- 2a
- Klemens 47138 Berliner- 25
- Klemens 47057 Lothar- 120b
- Krimhild 47226 Rhein- 1
- Kurt 47178 Friedrich- 15
- Lore 47178 Heinrich- 11
- Lothar 47169 Dahlmann- 68
- Manfred 47249 Heinrich-Albrod- 55
- Manfred 47198 Dellmann- 3
- Margot 47198 Ehing- 56
- Maria 47226 Bruchorst- 1
- Maria 47179 Friedrich-Ebert- 16
- Marion 47178 Otto- 17
- Michael 47198 Varziner- 170
- Michael 47139 Fontane- 7
- Monika 47059 Claudius- 13
- Monika 47057 Max-Reger- 12
- Natalie 47059 Claudius- 13
- Nicole 47057 Sternbuschweg 55
- Oliver 47249 Cramer-Klett- 55
- Peter 47057 Bismarck- 21
- Peter 47179 Kamp- 6
- Peter 47119 Rheinallee 16
- Peter 47179 Werth- 16a
- Rainer 47057 Max-Reger- 12
- Reiner 47198 An der Heide 16
- Rita 47198 Otto- 60
- Rosemarie 47137 Siegfried- 5
- Sabine 47179 Kamp- 6
- Sandra 47137 Straßburger- 16
- Siegfried 47166 Rote- 27
- Sieglinde 47138 Emmericher- 195
- Simone 47226 Asterlager- 124
- Sonja 47053 Eigen- 96
- Sophia 47051 Mosel- 8
- Sybille 47167 Ruprecht- 27
- Thomas 47167 Halfmann- 107
- Udo 47198 Dunkelsweg 2
- Ulrich 47279 Masurenallee 251
- Ulrich 47279 Neidenburger- 94
- Ulrike 47178 Karl- 65
- Ursula 47178 Schmiedgasse 8
- Ute 47198 An der Heide 21
- Ute 47138 Berliner- 25
- Volker 47228 Beguinen- 37
- Walter 47053 Wörth- 26
- Waltraud 47057 Bismarck- 21
- Werner 47167 Hansa- 17
- Werner 47167 Usedom- 20
- Werner 47198 Varziner- 170
- Wilhelmine
47139 Friedrich-Ebert- 2
- Wilhelmine 47226 Margarethen- 3
- Willi 47226 Gerhart-Hauptmann- 19
- Wolfgang 47259 Buchen- 23
- Wolfgang 47167 Sonnen- 79
Hankel Berta 47166 Markgrafen- 111
- Erika 47169 Oldenburger- 38
- Erika 47178 Wellen- 3b
- Hans 47167 Otto-Hahn- 2
- Heinz 47169 Oldenburger- 38
- Petra 47166 Wehren- 25
- Rolf 47167 Obere-Sterkrader- 180
- Ute 47167 Obere-Sterkrader- 180
Hanken Christine 47179 Sonnen- 131
- Irmgard 47178 Barbara- 34
- Maria 47198 Im Luchs 12
- Michael 47178 Luwen- 10
- Nicole 47198 Im Luchs 12
Hanken-Ilgner Rita 47178 Luwen- 10
Hankewitz Gertrud
47226 Friedrich-Ebert- 110
- Heinz 47226 Friedrich-Ebert- 110
- Rainer 47259 Hildegard- 9
Einwohner
● Namen - Teil
A-DU	Firmen, Gewerbebetriebe usw. nach Namen – siehe gelber Teil
